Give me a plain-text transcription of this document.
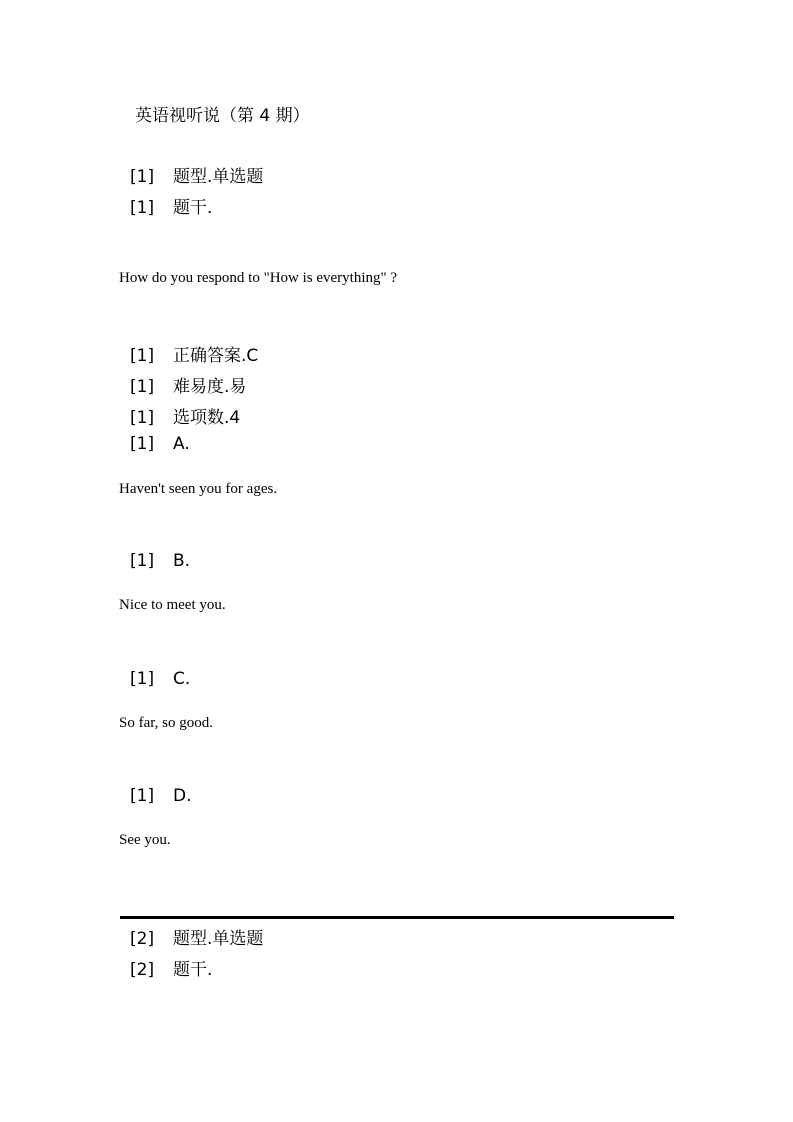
英语视听说（第 4 期）
[1] 题型.单选题
[1] 题干.
How do you respond to "How is everything" ?
[1] 正确答案.C
[1] 难易度.易
[1] 选项数.4
[1] A.
Haven't seen you for ages.
[1] B.
Nice to meet you.
[1] C.
So far, so good.
[1] D.
See you.
[2] 题型.单选题
[2] 题干.
